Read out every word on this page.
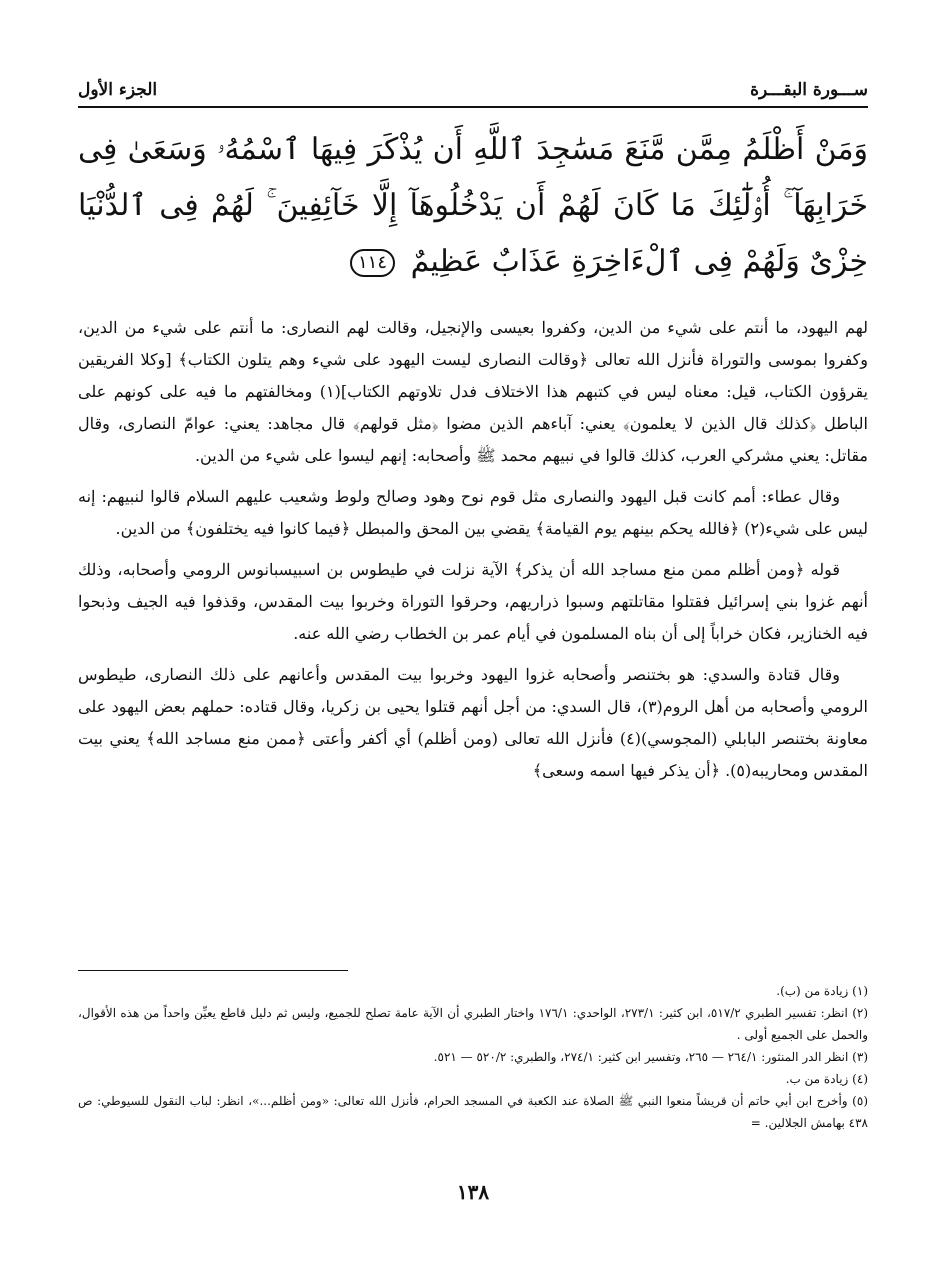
ســـورة البقـــرة
الجزء الأول
وَمَنْ أَظْلَمُ مِمَّن مَّنَعَ مَسَٰجِدَ ٱللَّهِ أَن يُذْكَرَ فِيهَا ٱسْمُهُۥ وَسَعَىٰ فِى خَرَابِهَآ ۚ أُو۟لَٰٓئِكَ مَا كَانَ لَهُمْ أَن يَدْخُلُوهَآ إِلَّا خَآئِفِينَ ۚ لَهُمْ فِى ٱلدُّنْيَا خِزْىٌ وَلَهُمْ فِى ٱلْءَاخِرَةِ عَذَابٌ عَظِيمٌ ١١٤

لهم اليهود، ما أنتم على شيء من الدين، وكفروا بعيسى والإنجيل، وقالت لهم النصارى: ما أنتم على شيء من الدين، وكفروا بموسى والتوراة فأنزل الله تعالى ﴿وقالت النصارى ليست اليهود على شيء وهم يتلون الكتاب﴾ [وكلا الفريقين يقرؤون الكتاب، قيل: معناه ليس في كتبهم هذا الاختلاف فدل تلاوتهم الكتاب](١) ومخالفتهم ما فيه على كونهم على الباطل ﴿كذلك قال الذين لا يعلمون﴾ يعني: آباءهم الذين مضوا ﴿مثل قولهم﴾ قال مجاهد: يعني: عوامّ النصارى، وقال مقاتل: يعني مشركي العرب، كذلك قالوا في نبيهم محمد ﷺ وأصحابه: إنهم ليسوا على شيء من الدين.

وقال عطاء: أمم كانت قبل اليهود والنصارى مثل قوم نوح وهود وصالح ولوط وشعيب عليهم السلام قالوا لنبيهم: إنه ليس على شيء(٢) ﴿فالله يحكم بينهم يوم القيامة﴾ يقضي بين المحق والمبطل ﴿فيما كانوا فيه يختلفون﴾ من الدين.

قوله ﴿ومن أظلم ممن منع مساجد الله أن يذكر﴾ الآية نزلت في طيطوس بن اسبيسبانوس الرومي وأصحابه، وذلك أنهم غزوا بني إسرائيل فقتلوا مقاتلتهم وسبوا ذراريهم، وحرقوا التوراة وخربوا بيت المقدس، وقذفوا فيه الجيف وذبحوا فيه الخنازير، فكان خراباً إلى أن بناه المسلمون في أيام عمر بن الخطاب رضي الله عنه.

وقال قتادة والسدي: هو بختنصر وأصحابه غزوا اليهود وخربوا بيت المقدس وأعانهم على ذلك النصارى، طيطوس الرومي وأصحابه من أهل الروم(٣)، قال السدي: من أجل أنهم قتلوا يحيى بن زكريا، وقال قتاده: حملهم بعض اليهود على معاونة بختنصر البابلي (المجوسي)(٤) فأنزل الله تعالى (ومن أظلم) أي أكفر وأعتى ﴿ممن منع مساجد الله﴾ يعني بيت المقدس ومحاريبه(٥). ﴿أن يذكر فيها اسمه وسعى﴾

(١) زيادة من (ب).

(٢) انظر: تفسير الطبري ٥١٧/٢، ابن كثير: ٢٧٣/١، الواحدي: ١٧٦/١ واختار الطبري أن الآية عامة تصلح للجميع، وليس ثم دليل قاطع يعيِّن واحداً من هذه الأقوال، والحمل على الجميع أولى .

(٣) انظر الدر المنثور: ٢٦٤/١ — ٢٦٥، وتفسير ابن كثير: ٢٧٤/١، والطبري: ٥٢٠/٢ — ٥٢١.

(٤) زيادة من ب.

(٥) وأخرج ابن أبي حاتم أن قريشاً منعوا النبي ﷺ الصلاة عند الكعبة في المسجد الحرام، فأنزل الله تعالى: «ومن أظلم...»، انظر: لباب النقول للسيوطي: ص ٤٣٨ بهامش الجلالين. =

١٣٨
